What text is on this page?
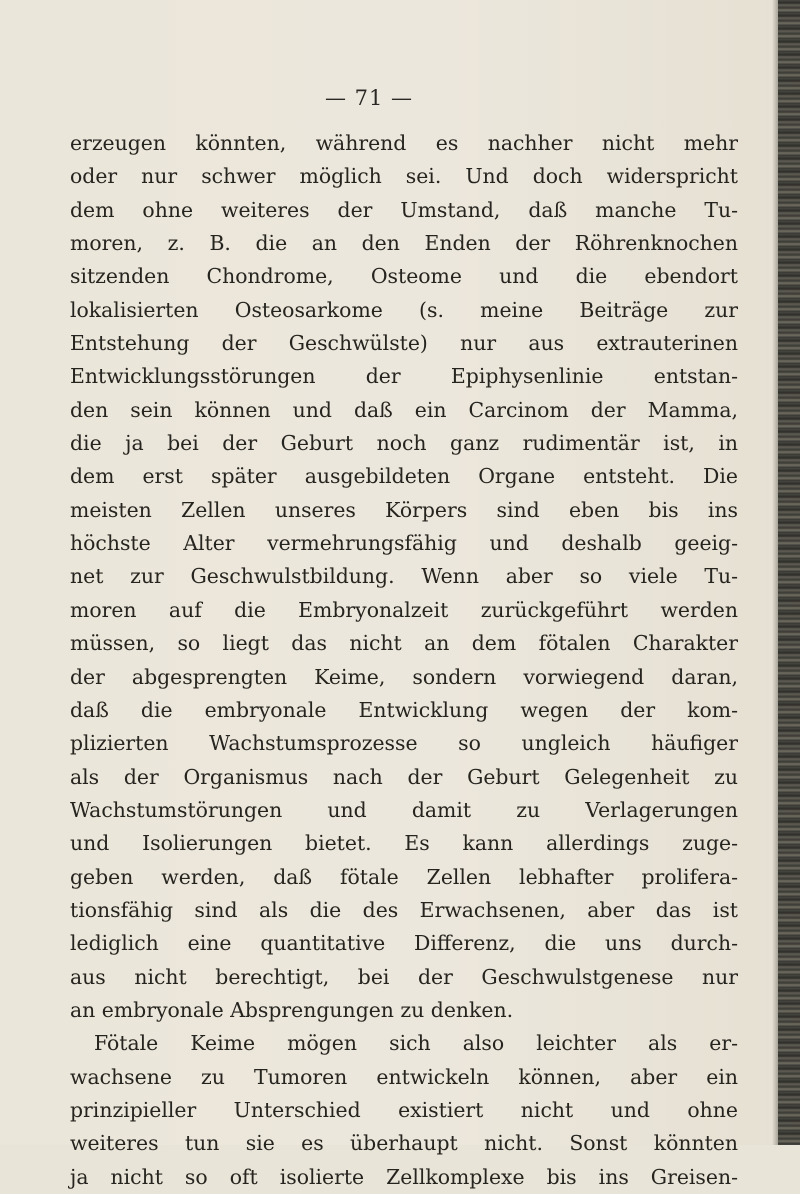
— 71 —
erzeugen könnten, während es nachher nicht mehr
oder nur schwer möglich sei. Und doch widerspricht
dem ohne weiteres der Umstand, daß manche Tu-
moren, z. B. die an den Enden der Röhrenknochen
sitzenden Chondrome, Osteome und die ebendort
lokalisierten Osteosarkome (s. meine Beiträge zur
Entstehung der Geschwülste) nur aus extrauterinen
Entwicklungsstörungen der Epiphysenlinie entstan-
den sein können und daß ein Carcinom der Mamma,
die ja bei der Geburt noch ganz rudimentär ist, in
dem erst später ausgebildeten Organe entsteht. Die
meisten Zellen unseres Körpers sind eben bis ins
höchste Alter vermehrungsfähig und deshalb geeig-
net zur Geschwulstbildung. Wenn aber so viele Tu-
moren auf die Embryonalzeit zurückgeführt werden
müssen, so liegt das nicht an dem fötalen Charakter
der abgesprengten Keime, sondern vorwiegend daran,
daß die embryonale Entwicklung wegen der kom-
plizierten Wachstumsprozesse so ungleich häufiger
als der Organismus nach der Geburt Gelegenheit zu
Wachstumstörungen und damit zu Verlagerungen
und Isolierungen bietet. Es kann allerdings zuge-
geben werden, daß fötale Zellen lebhafter prolifera-
tionsfähig sind als die des Erwachsenen, aber das ist
lediglich eine quantitative Differenz, die uns durch-
aus nicht berechtigt, bei der Geschwulstgenese nur
an embryonale Absprengungen zu denken.
Fötale Keime mögen sich also leichter als er-
wachsene zu Tumoren entwickeln können, aber ein
prinzipieller Unterschied existiert nicht und ohne
weiteres tun sie es überhaupt nicht. Sonst könnten
ja nicht so oft isolierte Zellkomplexe bis ins Greisen-
